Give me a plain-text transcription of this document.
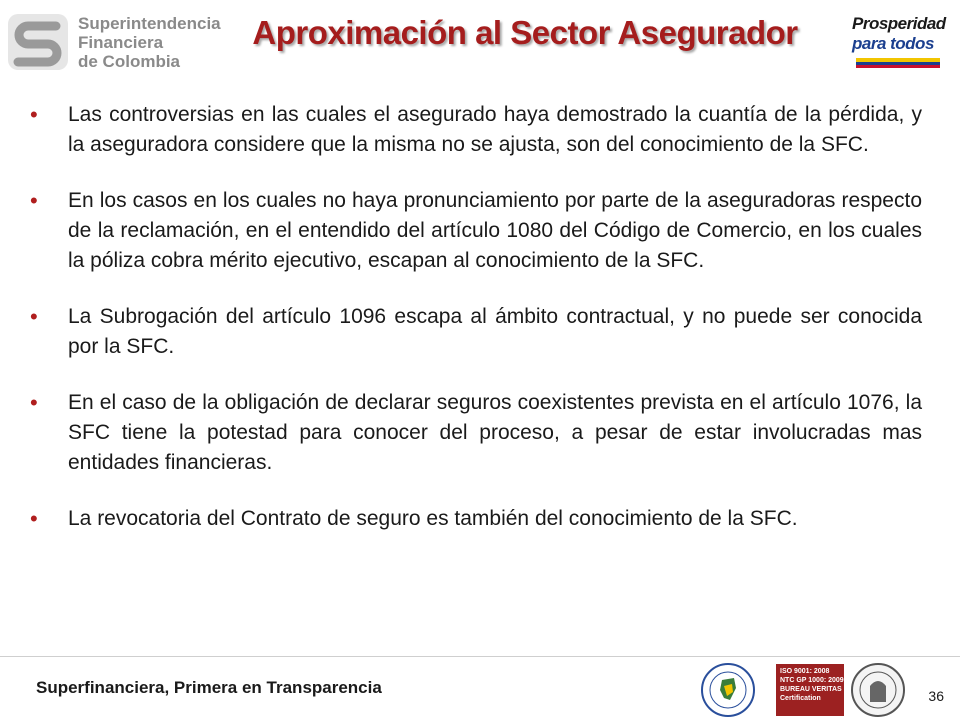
Superintendencia
Financiera
de Colombia
Aproximación al Sector Asegurador	Prosperidad
para todos
• Las controversias en las cuales el asegurado haya demostrado la cuantía de la pérdida, y la aseguradora considere que la misma no se ajusta, son del conocimiento de la SFC.
• En los casos en los cuales no haya pronunciamiento por parte de la aseguradoras respecto de la reclamación, en el entendido del artículo 1080 del Código de Comercio, en los cuales la póliza cobra mérito ejecutivo, escapan al conocimiento de la SFC.
• La Subrogación del artículo 1096 escapa al ámbito contractual, y no puede ser conocida por la SFC.
• En el caso de la obligación de declarar seguros coexistentes prevista en el artículo 1076, la SFC tiene la potestad para conocer del proceso, a pesar de estar involucradas mas entidades financieras.
• La revocatoria del Contrato de seguro es también del conocimiento de la SFC.
Superfinanciera, Primera en Transparencia
ISO 9001: 2008
NTC GP 1000: 2009
BUREAU VERITAS
Certification	36
